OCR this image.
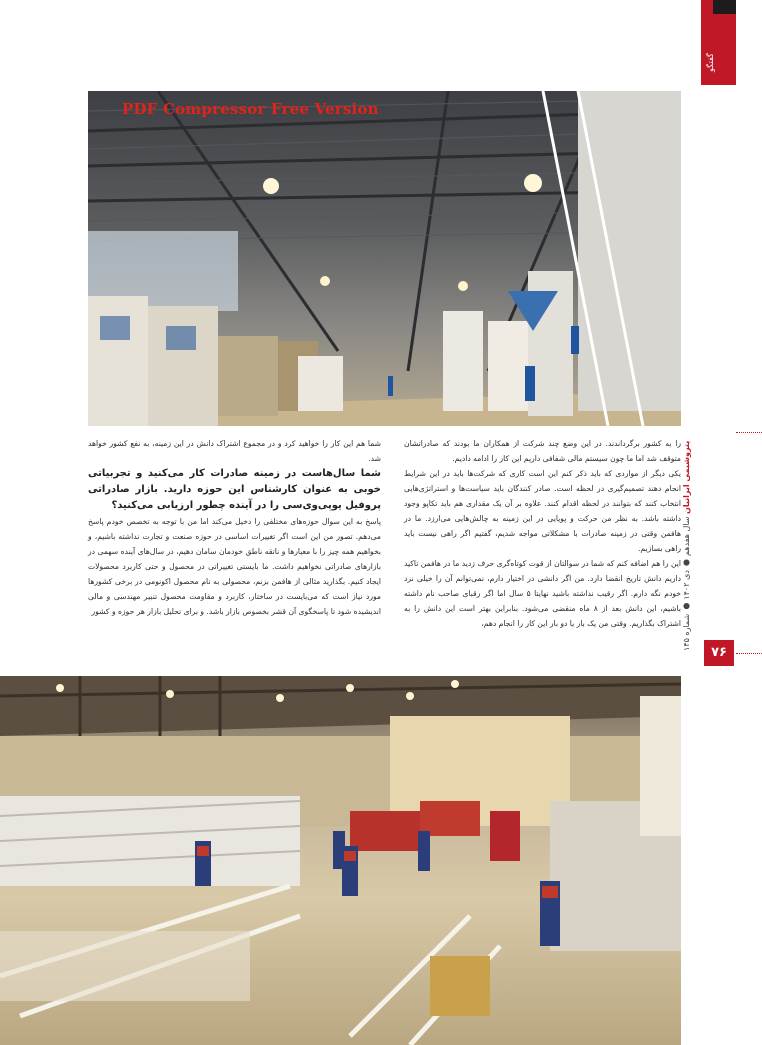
گفتگو
PDF Compressor Free Version

را به کشور برگرداندند. در این وضع چند شرکت از همکاران ما بودند که صادراتشان متوقف شد اما ما چون سیستم مالی شفافی داریم این کار را ادامه دادیم.

یکی دیگر از مواردی که باید ذکر کنم این است کاری که شرکت‌ها باید در این شرایط انجام دهند تصمیم‌گیری در لحظه است. صادر کنندگان باید سیاست‌ها و استراتژی‌هایی انتخاب کنند که بتوانند در لحظه اقدام کنند. علاوه بر آن یک مقداری هم باید تکاپو وجود داشته باشد. به نظر من حرکت و پویایی در این زمینه به چالش‌هایی می‌ارزد. ما در هافمن وقتی در زمینه صادرات با مشکلاتی مواجه شدیم، گفتیم اگر راهی نیست باید راهی بسازیم.

این را هم اضافه کنم که شما در سوالتان از قوت کوتاه‌گری حرف زدید ما در هافمن تاکید داریم دانش تاریخ انقضا دارد. من اگر دانشی در اختیار دارم، نمی‌توانم آن را خیلی نزد خودم نگه دارم. اگر رقیب نداشته باشید نهایتا ۵ سال اما اگر رقبای صاحب نام داشته باشیم، این دانش بعد از ۸ ماه منقضی می‌شود. بنابراین بهتر است این دانش را به اشتراک بگذاریم. وقتی من یک بار یا دو بار این کار را انجام دهم،

شما هم این کار را خواهید کرد و در مجموع اشتراک دانش در این زمینه، به نفع کشور خواهد شد.

شما سال‌هاست در زمینه صادرات کار می‌کنید و تجربیاتی خوبی به عنوان کارشناس این حوزه دارید. بازار صادراتی پروفیل یو‌پی‌وی‌سی را در آینده چطور ارزیابی می‌کنید؟

پاسخ به این سوال حوزه‌های مختلفی را دخیل می‌کند اما من با توجه به تخصص خودم پاسخ می‌دهم. تصور من این است اگر تغییرات اساسی در حوزه صنعت و تجارت نداشته باشیم، و بخواهیم همه چیز را با معیارها و ناتقه ناطق خودمان سامان دهیم، در سال‌های آینده سهمی در بازارهای صادراتی نخواهیم داشت. ما بایستی تغییراتی در محصول و حتی کاربرد محصولات ایجاد کنیم. بگذارید مثالی از هافمن بزنم، محصولی به نام محصول اکونومی در برخی کشورها مورد نیاز است که می‌بایست در ساختار، کاربرد و مقاومت محصول تنبیر مهندسی و مالی اندیشیده شود تا پاسخگوی آن قشر بخصوص بازار باشد. و برای تحلیل بازار هر حوزه و کشور

پتروشیمی ایرانیان سال هفدهم ● دی ۱۴۰۲ ● شماره ۱۴۵
۷۶
